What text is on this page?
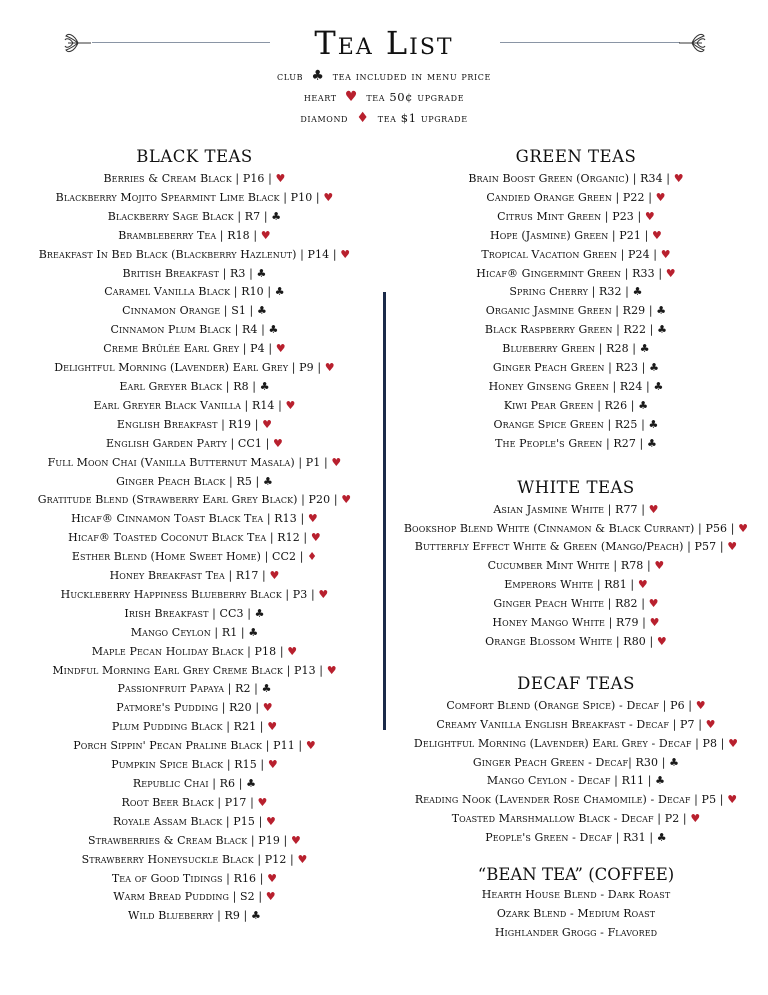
Tea List
club ♣ tea included in menu price
heart ♥ tea 50¢ upgrade
diamond ♦ tea $1 upgrade
BLACK TEAS
Berries & Cream Black | P16 | ♥
Blackberry Mojito Spearmint Lime Black | P10 | ♥
Blackberry Sage Black | R7 | ♣
Brambleberry Tea | R18 | ♥
Breakfast In Bed Black (Blackberry Hazlenut) | P14 | ♥
British Breakfast | R3 | ♣
Caramel Vanilla Black | R10 | ♣
Cinnamon Orange | S1 | ♣
Cinnamon Plum Black | R4 | ♣
Creme Brûlée Earl Grey | P4 | ♥
Delightful Morning (Lavender) Earl Grey | P9 | ♥
Earl Greyer Black | R8 | ♣
Earl Greyer Black Vanilla | R14 | ♥
English Breakfast | R19 | ♥
English Garden Party | CC1 | ♥
Full Moon Chai (Vanilla Butternut Masala) | P1 | ♥
Ginger Peach Black | R5 | ♣
Gratitude Blend (Strawberry Earl Grey Black) | P20 | ♥
Hicaf® Cinnamon Toast Black Tea | R13 | ♥
Hicaf® Toasted Coconut Black Tea | R12 | ♥
Esther Blend (Home Sweet Home) | CC2 | ♦
Honey Breakfast Tea | R17 | ♥
Huckleberry Happiness Blueberry Black | P3 | ♥
Irish Breakfast | CC3 | ♣
Mango Ceylon | R1 | ♣
Maple Pecan Holiday Black | P18 | ♥
Mindful Morning Earl Grey Creme Black | P13 | ♥
Passionfruit Papaya | R2 | ♣
Patmore's Pudding | R20 | ♥
Plum Pudding Black | R21 | ♥
Porch Sippin' Pecan Praline Black | P11 | ♥
Pumpkin Spice Black | R15 | ♥
Republic Chai | R6 | ♣
Root Beer Black | P17 | ♥
Royale Assam Black | P15 | ♥
Strawberries & Cream Black | P19 | ♥
Strawberry Honeysuckle Black | P12 | ♥
Tea of Good Tidings | R16 | ♥
Warm Bread Pudding | S2 | ♥
Wild Blueberry | R9 | ♣
GREEN TEAS
Brain Boost Green (Organic) | R34 | ♥
Candied Orange Green | P22 | ♥
Citrus Mint Green | P23 | ♥
Hope (Jasmine) Green | P21 | ♥
Tropical Vacation Green | P24 | ♥
Hicaf® Gingermint Green | R33 | ♥
Spring Cherry | R32 | ♣
Organic Jasmine Green | R29 | ♣
Black Raspberry Green | R22 | ♣
Blueberry Green | R28 | ♣
Ginger Peach Green | R23 | ♣
Honey Ginseng Green | R24 | ♣
Kiwi Pear Green | R26 | ♣
Orange Spice Green | R25 | ♣
The People's Green | R27 | ♣
WHITE TEAS
Asian Jasmine White | R77 | ♥
Bookshop Blend White (Cinnamon & Black Currant) | P56 | ♥
Butterfly Effect White & Green (Mango/Peach) | P57 | ♥
Cucumber Mint White | R78 | ♥
Emperors White | R81 | ♥
Ginger Peach White | R82 | ♥
Honey Mango White | R79 | ♥
Orange Blossom White | R80 | ♥
DECAF TEAS
Comfort Blend (Orange Spice) - Decaf | P6 | ♥
Creamy Vanilla English Breakfast - Decaf | P7 | ♥
Delightful Morning (Lavender) Earl Grey - Decaf | P8 | ♥
Ginger Peach Green - Decaf| R30 | ♣
Mango Ceylon - Decaf | R11 | ♣
Reading Nook (Lavender Rose Chamomile) - Decaf | P5 | ♥
Toasted Marshmallow Black - Decaf | P2 | ♥
People's Green - Decaf | R31 | ♣
“BEAN TEA” (COFFEE)
Hearth House Blend - Dark Roast
Ozark Blend - Medium Roast
Highlander Grogg - Flavored
